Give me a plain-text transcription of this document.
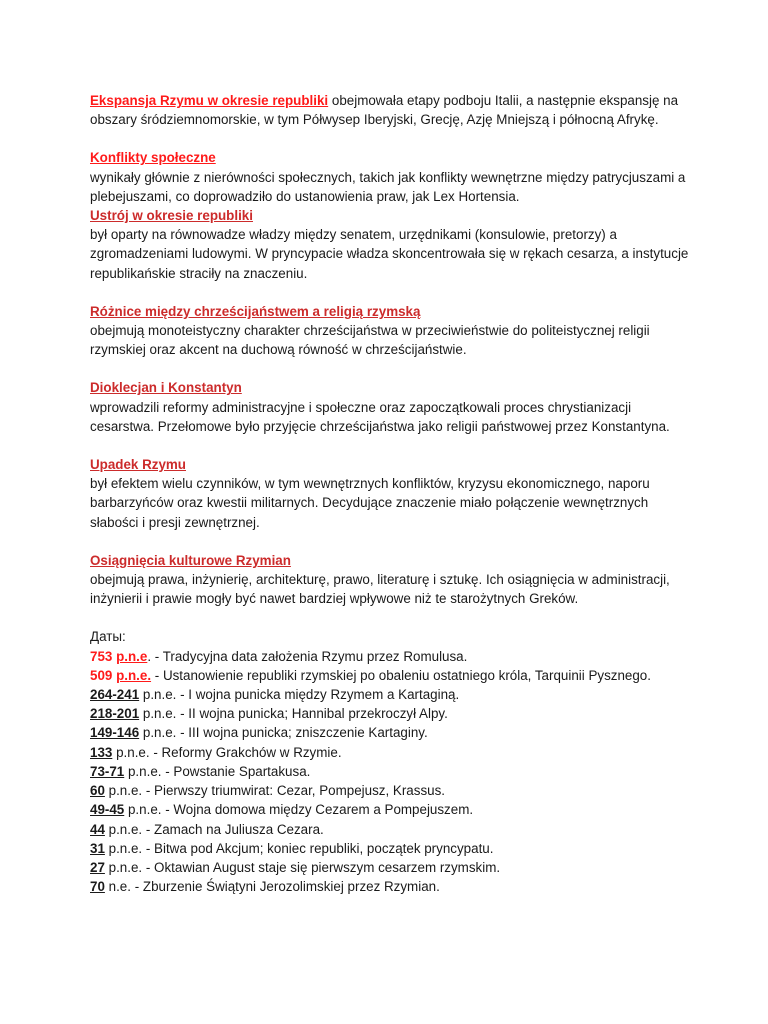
Ekspansja Rzymu w okresie republiki obejmowała etapy podboju Italii, a następnie ekspansję na obszary śródziemnomorskie, w tym Półwysep Iberyjski, Grecję, Azję Mniejszą i północną Afrykę.

Konflikty społeczne
wynikały głównie z nierówności społecznych, takich jak konflikty wewnętrzne między patrycjuszami a plebejuszami, co doprowadziło do ustanowienia praw, jak Lex Hortensia.
Ustrój w okresie republiki
był oparty na równowadze władzy między senatem, urzędnikami (konsulowie, pretorzy) a zgromadzeniami ludowymi. W pryncypacie władza skoncentrowała się w rękach cesarza, a instytucje republikańskie straciły na znaczeniu.
Różnice między chrześcijaństwem a religią rzymską
obejmują monoteistyczny charakter chrześcijaństwa w przeciwieństwie do politeistycznej religii rzymskiej oraz akcent na duchową równość w chrześcijaństwie.
Dioklecjan i Konstantyn
wprowadzili reformy administracyjne i społeczne oraz zapoczątkowali proces chrystianizacji cesarstwa. Przełomowe było przyjęcie chrześcijaństwa jako religii państwowej przez Konstantyna.
Upadek Rzymu
był efektem wielu czynników, w tym wewnętrznych konfliktów, kryzysu ekonomicznego, naporu barbarzyńców oraz kwestii militarnych. Decydujące znaczenie miało połączenie wewnętrznych słabości i presji zewnętrznej.
Osiągnięcia kulturowe Rzymian
obejmują prawa, inżynierię, architekturę, prawo, literaturę i sztukę. Ich osiągnięcia w administracji, inżynierii i prawie mogły być nawet bardziej wpływowe niż te starożytnych Greków.
Даты:
753 p.n.e. - Tradycyjna data założenia Rzymu przez Romulusa.
509 p.n.e. - Ustanowienie republiki rzymskiej po obaleniu ostatniego króla, Tarquinii Pysznego.
264-241 p.n.e. - I wojna punicka między Rzymem a Kartaginą.
218-201 p.n.e. - II wojna punicka; Hannibal przekroczył Alpy.
149-146 p.n.e. - III wojna punicka; zniszczenie Kartaginy.
133 p.n.e. - Reformy Grakchów w Rzymie.
73-71 p.n.e. - Powstanie Spartakusa.
60 p.n.e. - Pierwszy triumwirat: Cezar, Pompejusz, Krassus.
49-45 p.n.e. - Wojna domowa między Cezarem a Pompejuszem.
44 p.n.e. - Zamach na Juliusza Cezara.
31 p.n.e. - Bitwa pod Akcjum; koniec republiki, początek pryncypatu.
27 p.n.e. - Oktawian August staje się pierwszym cesarzem rzymskim.
70 n.e. - Zburzenie Świątyni Jerozolimskiej przez Rzymian.
